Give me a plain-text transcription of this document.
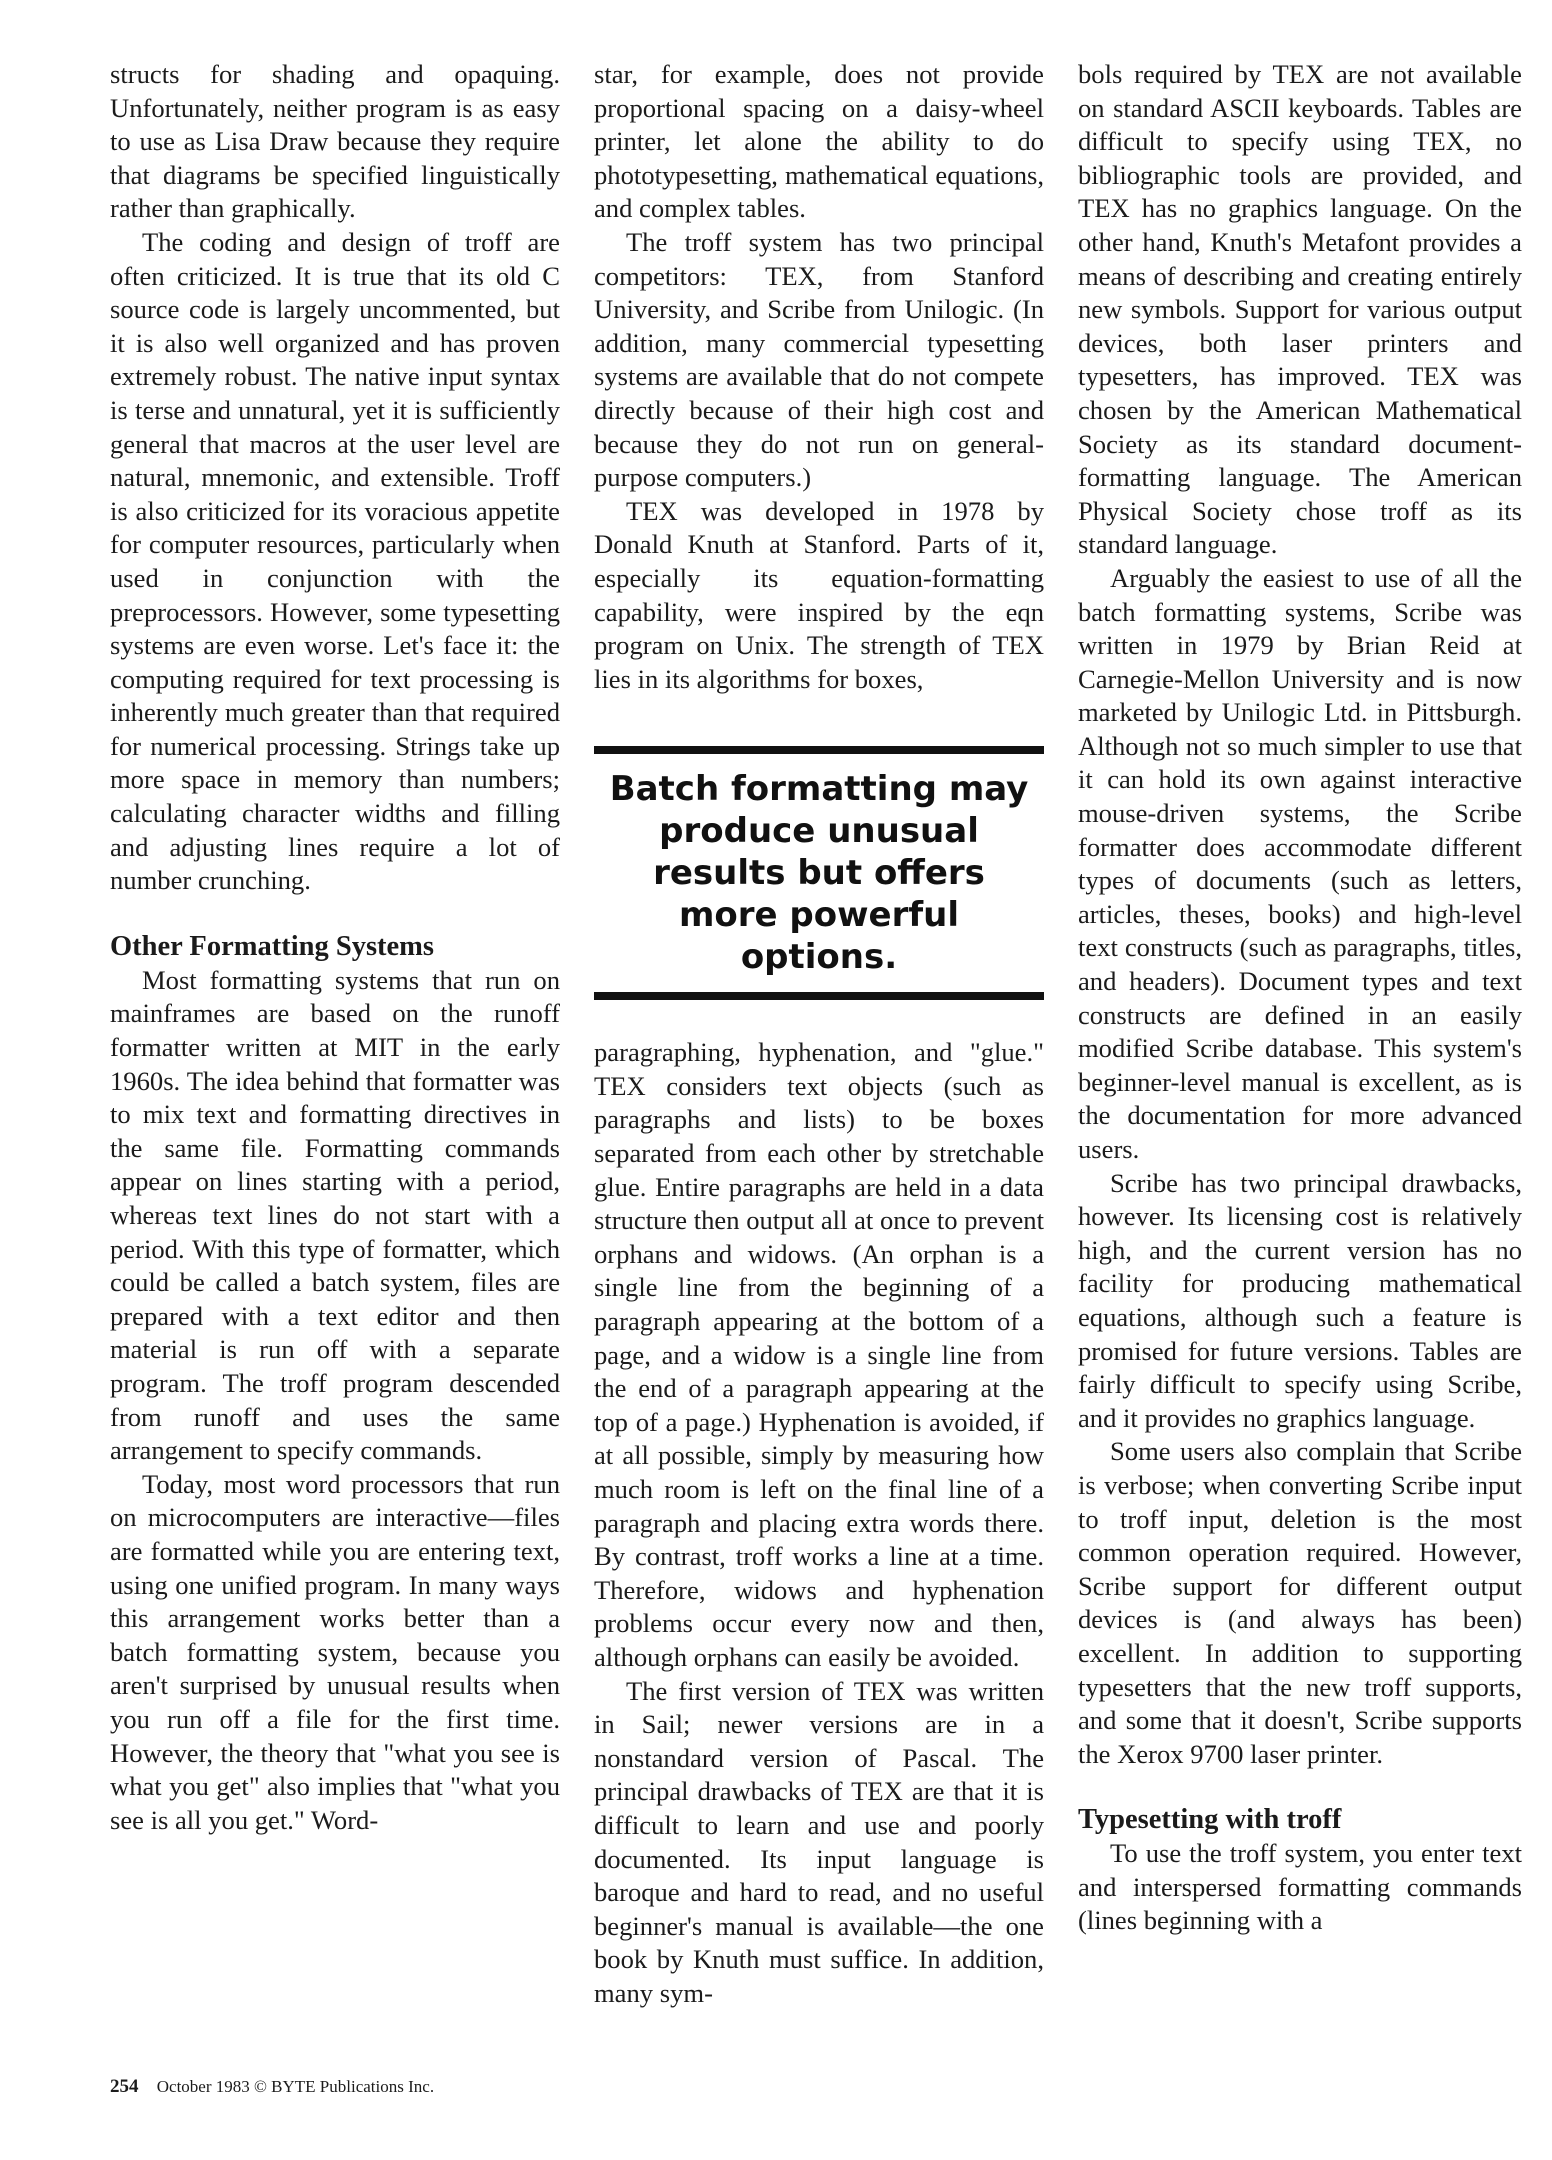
structs for shading and opaquing. Unfortunately, neither program is as easy to use as Lisa Draw because they require that diagrams be specified linguistically rather than graphically.

The coding and design of troff are often criticized. It is true that its old C source code is largely uncommented, but it is also well organized and has proven extremely robust. The native input syntax is terse and unnatural, yet it is sufficiently general that macros at the user level are natural, mnemonic, and extensible. Troff is also criticized for its voracious appetite for computer resources, particularly when used in conjunction with the preprocessors. However, some typesetting systems are even worse. Let's face it: the computing required for text processing is inherently much greater than that required for numerical processing. Strings take up more space in memory than numbers; calculating character widths and filling and adjusting lines require a lot of number crunching.

Other Formatting Systems

Most formatting systems that run on mainframes are based on the runoff formatter written at MIT in the early 1960s. The idea behind that formatter was to mix text and formatting directives in the same file. Formatting commands appear on lines starting with a period, whereas text lines do not start with a period. With this type of formatter, which could be called a batch system, files are prepared with a text editor and then material is run off with a separate program. The troff program descended from runoff and uses the same arrangement to specify commands.

Today, most word processors that run on microcomputers are interactive—files are formatted while you are entering text, using one unified program. In many ways this arrangement works better than a batch formatting system, because you aren't surprised by unusual results when you run off a file for the first time. However, the theory that "what you see is what you get" also implies that "what you see is all you get." Word-

star, for example, does not provide proportional spacing on a daisy-wheel printer, let alone the ability to do phototypesetting, mathematical equations, and complex tables.

The troff system has two principal competitors: TEX, from Stanford University, and Scribe from Unilogic. (In addition, many commercial typesetting systems are available that do not compete directly because of their high cost and because they do not run on general-purpose computers.)

TEX was developed in 1978 by Donald Knuth at Stanford. Parts of it, especially its equation-formatting capability, were inspired by the eqn program on Unix. The strength of TEX lies in its algorithms for boxes,

Batch formatting may produce unusual results but offers more powerful options.

paragraphing, hyphenation, and "glue." TEX considers text objects (such as paragraphs and lists) to be boxes separated from each other by stretchable glue. Entire paragraphs are held in a data structure then output all at once to prevent orphans and widows. (An orphan is a single line from the beginning of a paragraph appearing at the bottom of a page, and a widow is a single line from the end of a paragraph appearing at the top of a page.) Hyphenation is avoided, if at all possible, simply by measuring how much room is left on the final line of a paragraph and placing extra words there. By contrast, troff works a line at a time. Therefore, widows and hyphenation problems occur every now and then, although orphans can easily be avoided.

The first version of TEX was written in Sail; newer versions are in a nonstandard version of Pascal. The principal drawbacks of TEX are that it is difficult to learn and use and poorly documented. Its input language is baroque and hard to read, and no useful beginner's manual is available—the one book by Knuth must suffice. In addition, many sym-

bols required by TEX are not available on standard ASCII keyboards. Tables are difficult to specify using TEX, no bibliographic tools are provided, and TEX has no graphics language. On the other hand, Knuth's Metafont provides a means of describing and creating entirely new symbols. Support for various output devices, both laser printers and typesetters, has improved. TEX was chosen by the American Mathematical Society as its standard document-formatting language. The American Physical Society chose troff as its standard language.

Arguably the easiest to use of all the batch formatting systems, Scribe was written in 1979 by Brian Reid at Carnegie-Mellon University and is now marketed by Unilogic Ltd. in Pittsburgh. Although not so much simpler to use that it can hold its own against interactive mouse-driven systems, the Scribe formatter does accommodate different types of documents (such as letters, articles, theses, books) and high-level text constructs (such as paragraphs, titles, and headers). Document types and text constructs are defined in an easily modified Scribe database. This system's beginner-level manual is excellent, as is the documentation for more advanced users.

Scribe has two principal drawbacks, however. Its licensing cost is relatively high, and the current version has no facility for producing mathematical equations, although such a feature is promised for future versions. Tables are fairly difficult to specify using Scribe, and it provides no graphics language.

Some users also complain that Scribe is verbose; when converting Scribe input to troff input, deletion is the most common operation required. However, Scribe support for different output devices is (and always has been) excellent. In addition to supporting typesetters that the new troff supports, and some that it doesn't, Scribe supports the Xerox 9700 laser printer.

Typesetting with troff

To use the troff system, you enter text and interspersed formatting commands (lines beginning with a

254 October 1983 © BYTE Publications Inc.
